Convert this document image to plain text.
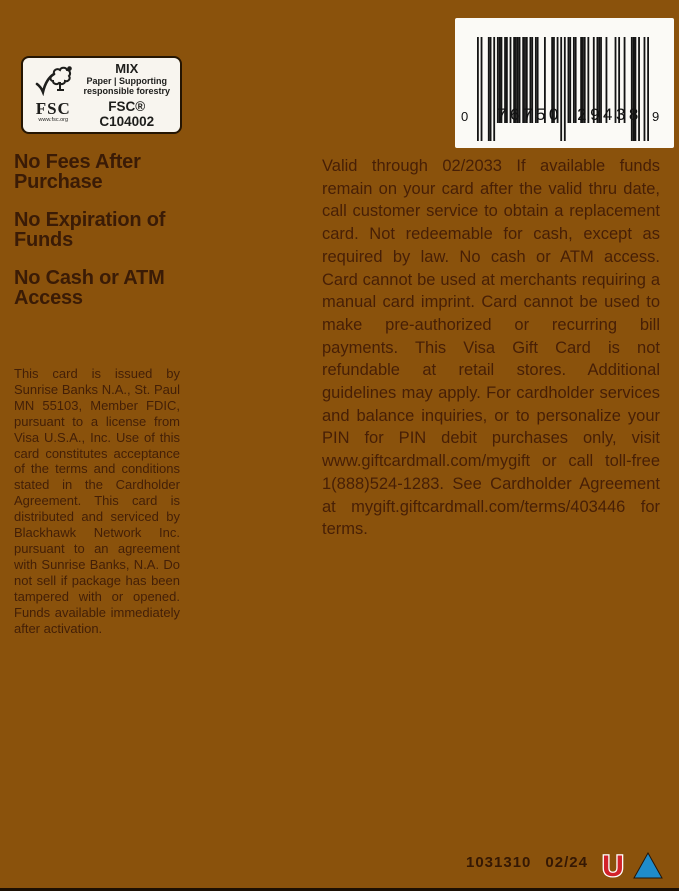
FSC
www.fsc.org
MIX
Paper | Supporting
responsible forestry
FSC® C104002	0	76750 29438 9
No Fees After
Purchase
No Expiration of
Funds
No Cash or ATM
Access
This card is issued by Sunrise Banks N.A., St. Paul MN 55103, Member FDIC, pursuant to a license from Visa U.S.A., Inc. Use of this card constitutes acceptance of the terms and conditions stated in the Cardholder Agreement. This card is distributed and serviced by Blackhawk Network Inc. pursuant to an agreement with Sunrise Banks, N.A. Do not sell if package has been tampered with or opened. Funds available immediately after activation.
Valid through 02/2033 If available funds remain on your card after the valid thru date, call customer service to obtain a replacement card. Not redeemable for cash, except as required by law. No cash or ATM access. Card cannot be used at merchants requiring a manual card imprint. Card cannot be used to make pre-authorized or recurring bill payments. This Visa Gift Card is not refundable at retail stores. Additional guidelines may apply. For cardholder services and balance inquiries, or to personalize your PIN for PIN debit purchases only, visit www.giftcardmall.com/mygift or call toll-free 1(888)524-1283. See Cardholder Agreement at mygift.giftcardmall.com/terms/403446 for terms.
1031310 02/24 U
